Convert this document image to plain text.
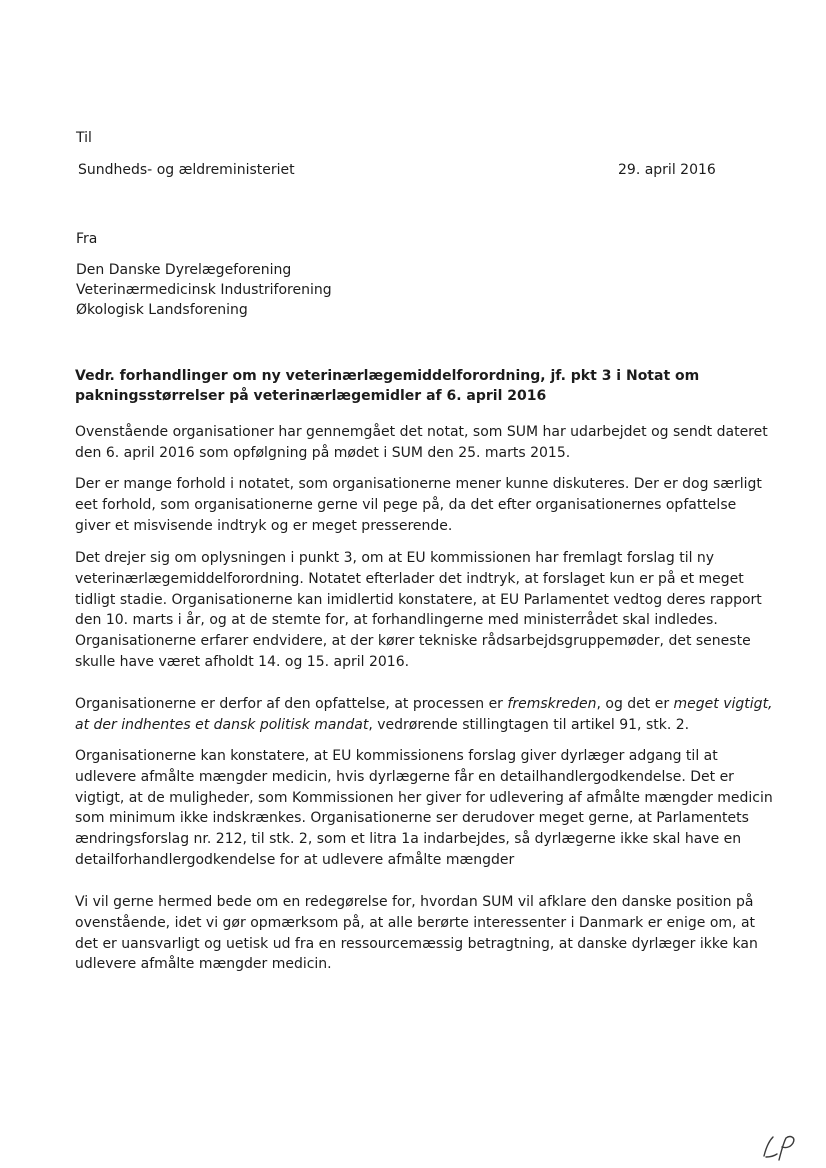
Til
Sundheds- og ældreministeriet	29. april 2016
Fra
Den Danske Dyrelægeforening
Veterinærmedicinsk Industriforening
Økologisk Landsforening
Vedr. forhandlinger om ny veterinærlægemiddelforordning, jf. pkt 3 i Notat om
pakningsstørrelser på veterinærlægemidler af 6. april 2016
Ovenstående organisationer har gennemgået det notat, som SUM har udarbejdet og sendt dateret
den 6. april 2016 som opfølgning på mødet i SUM den 25. marts 2015.
Der er mange forhold i notatet, som organisationerne mener kunne diskuteres. Der er dog særligt
eet forhold, som organisationerne gerne vil pege på, da det efter organisationernes opfattelse
giver et misvisende indtryk og er meget presserende.
Det drejer sig om oplysningen i punkt 3, om at EU kommissionen har fremlagt forslag til ny
veterinærlægemiddelforordning. Notatet efterlader det indtryk, at forslaget kun er på et meget
tidligt stadie. Organisationerne kan imidlertid konstatere, at EU Parlamentet vedtog deres rapport
den 10. marts i år, og at de stemte for, at forhandlingerne med ministerrådet skal indledes.
Organisationerne erfarer endvidere, at der kører tekniske rådsarbejdsgruppemøder, det seneste
skulle have været afholdt 14. og 15. april 2016.
Organisationerne er derfor af den opfattelse, at processen er fremskreden, og det er meget vigtigt,
at der indhentes et dansk politisk mandat, vedrørende stillingtagen til artikel 91, stk. 2.
Organisationerne kan konstatere, at EU kommissionens forslag giver dyrlæger adgang til at
udlevere afmålte mængder medicin, hvis dyrlægerne får en detailhandlergodkendelse. Det er
vigtigt, at de muligheder, som Kommissionen her giver for udlevering af afmålte mængder medicin
som minimum ikke indskrænkes. Organisationerne ser derudover meget gerne, at Parlamentets
ændringsforslag nr. 212, til stk. 2, som et litra 1a indarbejdes, så dyrlægerne ikke skal have en
detailforhandlergodkendelse for at udlevere afmålte mængder
Vi vil gerne hermed bede om en redegørelse for, hvordan SUM vil afklare den danske position på
ovenstående, idet vi gør opmærksom på, at alle berørte interessenter i Danmark er enige om, at
det er uansvarligt og uetisk ud fra en ressourcemæssig betragtning, at danske dyrlæger ikke kan
udlevere afmålte mængder medicin.
